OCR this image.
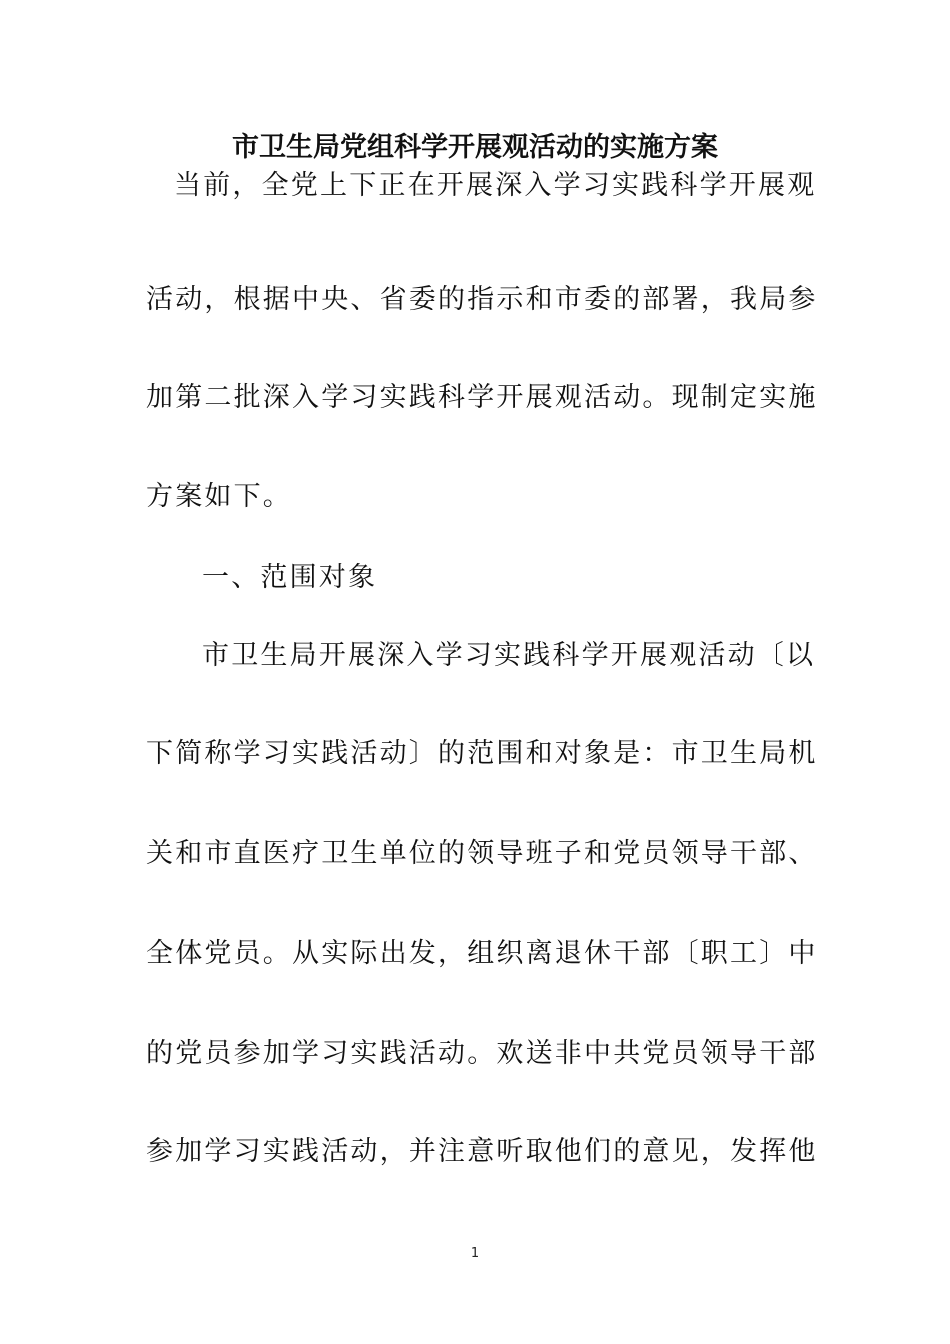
市卫生局党组科学开展观活动的实施方案
当前，全党上下正在开展深入学习实践科学开展观
活动，根据中央、省委的指示和市委的部署，我局参
加第二批深入学习实践科学开展观活动。现制定实施
方案如下。
一、范围对象
市卫生局开展深入学习实践科学开展观活动〔以
下简称学习实践活动〕的范围和对象是：市卫生局机
关和市直医疗卫生单位的领导班子和党员领导干部、
全体党员。从实际出发，组织离退休干部〔职工〕中
的党员参加学习实践活动。欢送非中共党员领导干部
参加学习实践活动，并注意听取他们的意见，发挥他
1
